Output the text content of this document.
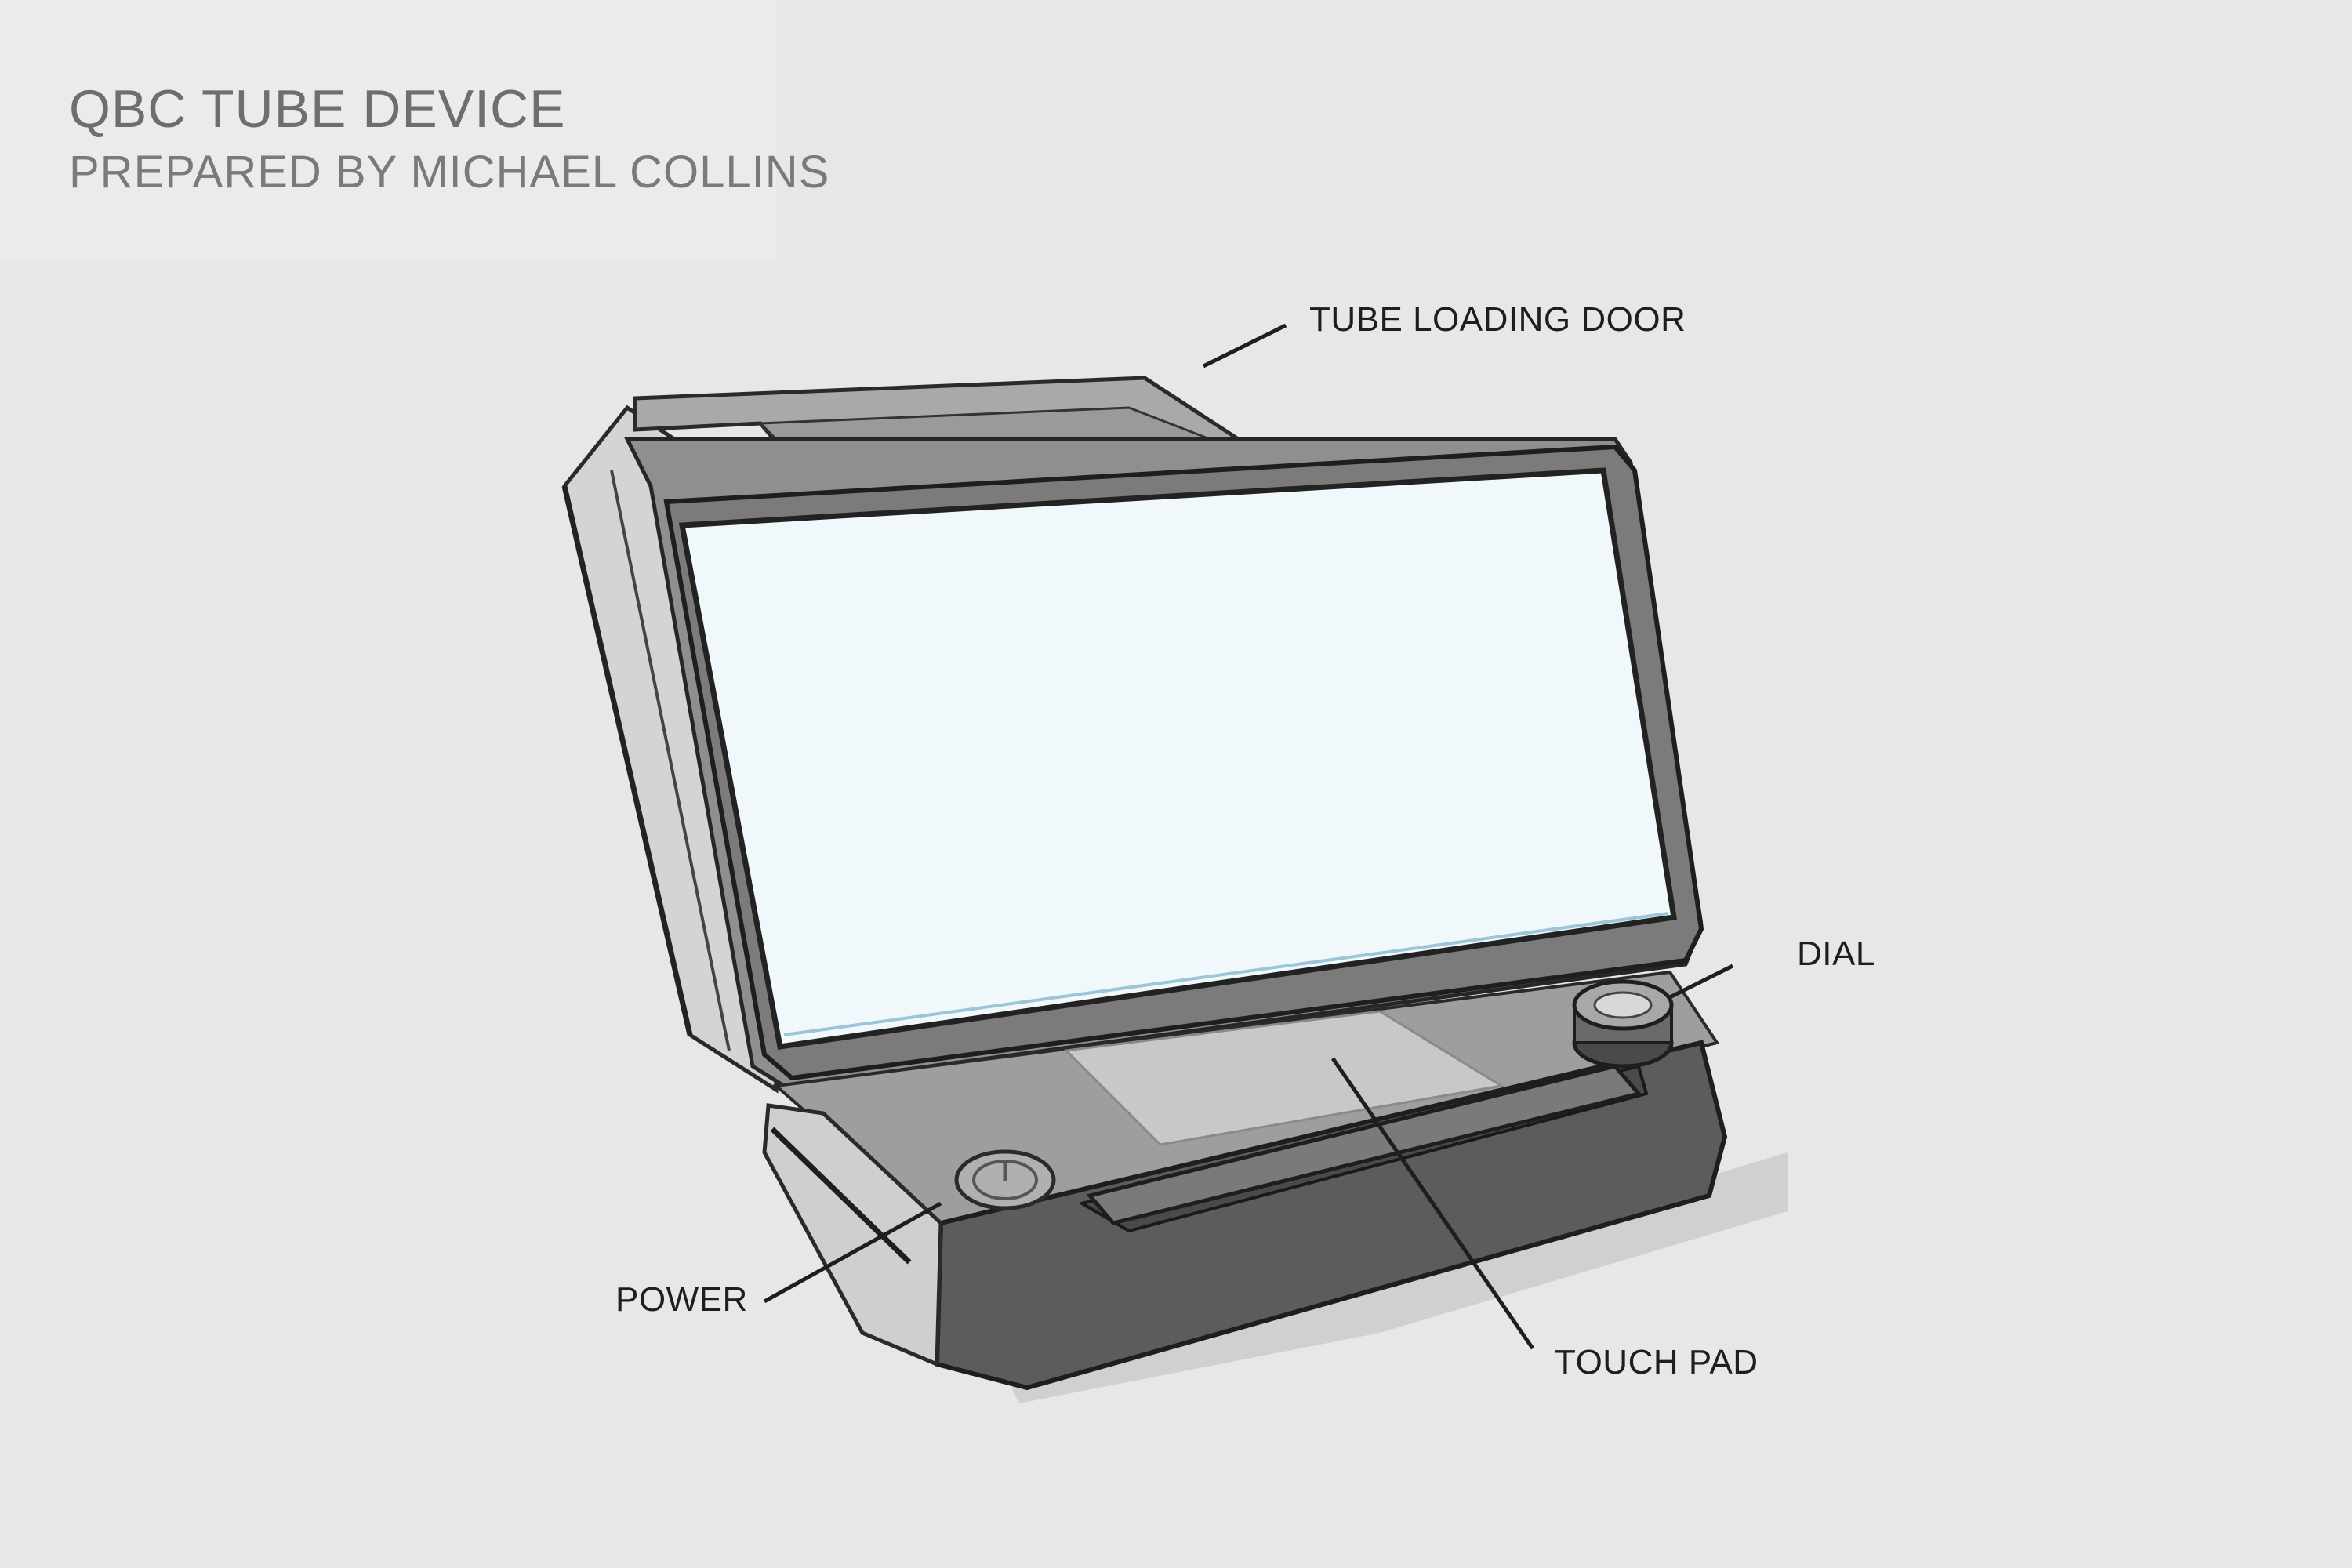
QBC TUBE DEVICE
PREPARED BY MICHAEL COLLINS
TUBE LOADING DOOR
DIAL
POWER
TOUCH PAD
